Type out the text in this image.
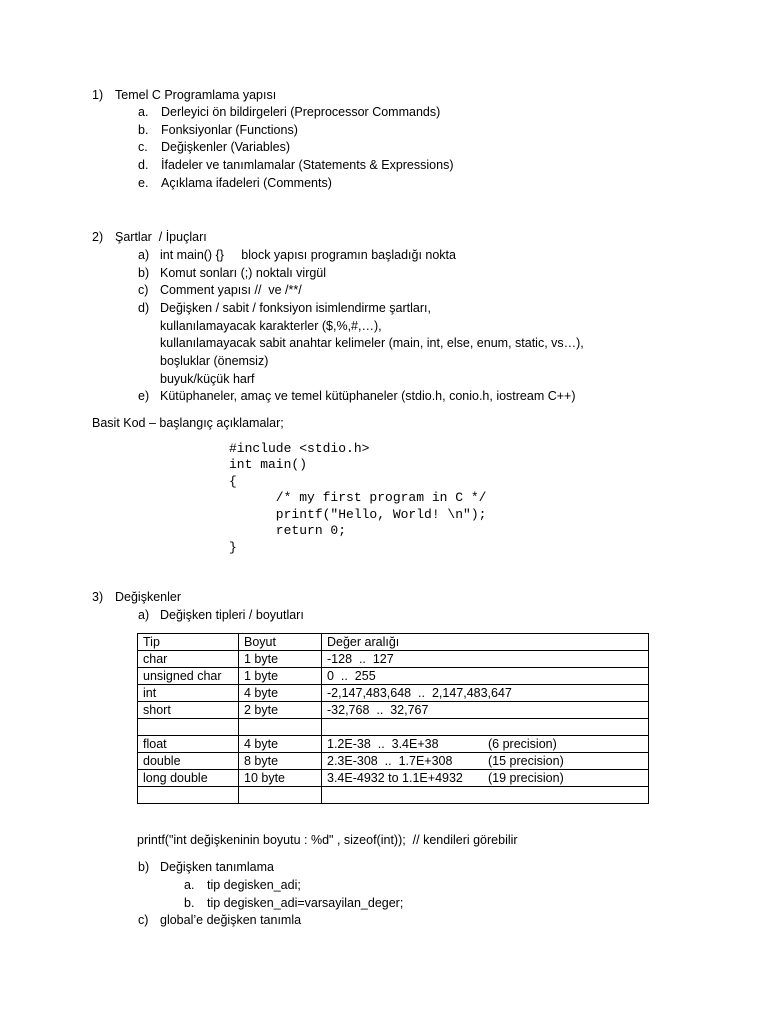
1) Temel C Programlama yapısı
a. Derleyici ön bildirgeleri (Preprocessor Commands)
b. Fonksiyonlar (Functions)
c. Değişkenler (Variables)
d. İfadeler ve tanımlamalar (Statements & Expressions)
e. Açıklama ifadeleri (Comments)
2) Şartlar  / İpuçları
a) int main() {}     block yapısı programın başladığı nokta
b) Komut sonları (;) noktalı virgül
c) Comment yapısı //  ve /**/
d) Değişken / sabit / fonksiyon isimlendirme şartları,
kullanılamayacak karakterler ($,%,#,…),
kullanılamayacak sabit anahtar kelimeler (main, int, else, enum, static, vs…),
boşluklar (önemsiz)
buyuk/küçük harf
e) Kütüphaneler, amaç ve temel kütüphaneler (stdio.h, conio.h, iostream C++)
Basit Kod – başlangıç açıklamalar;
#include <stdio.h>
int main()
{
/* my first program in C */
printf("Hello, World! \n");
return 0;
}
3) Değişkenler
a) Değişken tipleri / boyutları
Tip	Boyut	Değer aralığı
char	1 byte	-128  ..  127
unsigned char	1 byte	0  ..  255
int	4 byte	-2,147,483,648  ..  2,147,483,647
short	2 byte	-32,768  ..  32,767

float	4 byte	1.2E-38  ..  3.4E+38 (6 precision)

double	8 byte	2.3E-308  ..  1.7E+308 (15 precision)

long double	10 byte	3.4E-4932 to 1.1E+4932 (19 precision)

printf("int değişkeninin boyutu : %d" , sizeof(int));  // kendileri görebilir
b) Değişken tanımlama
a. tip degisken_adi;
b. tip degisken_adi=varsayilan_deger;
c) global’e değişken tanımla
